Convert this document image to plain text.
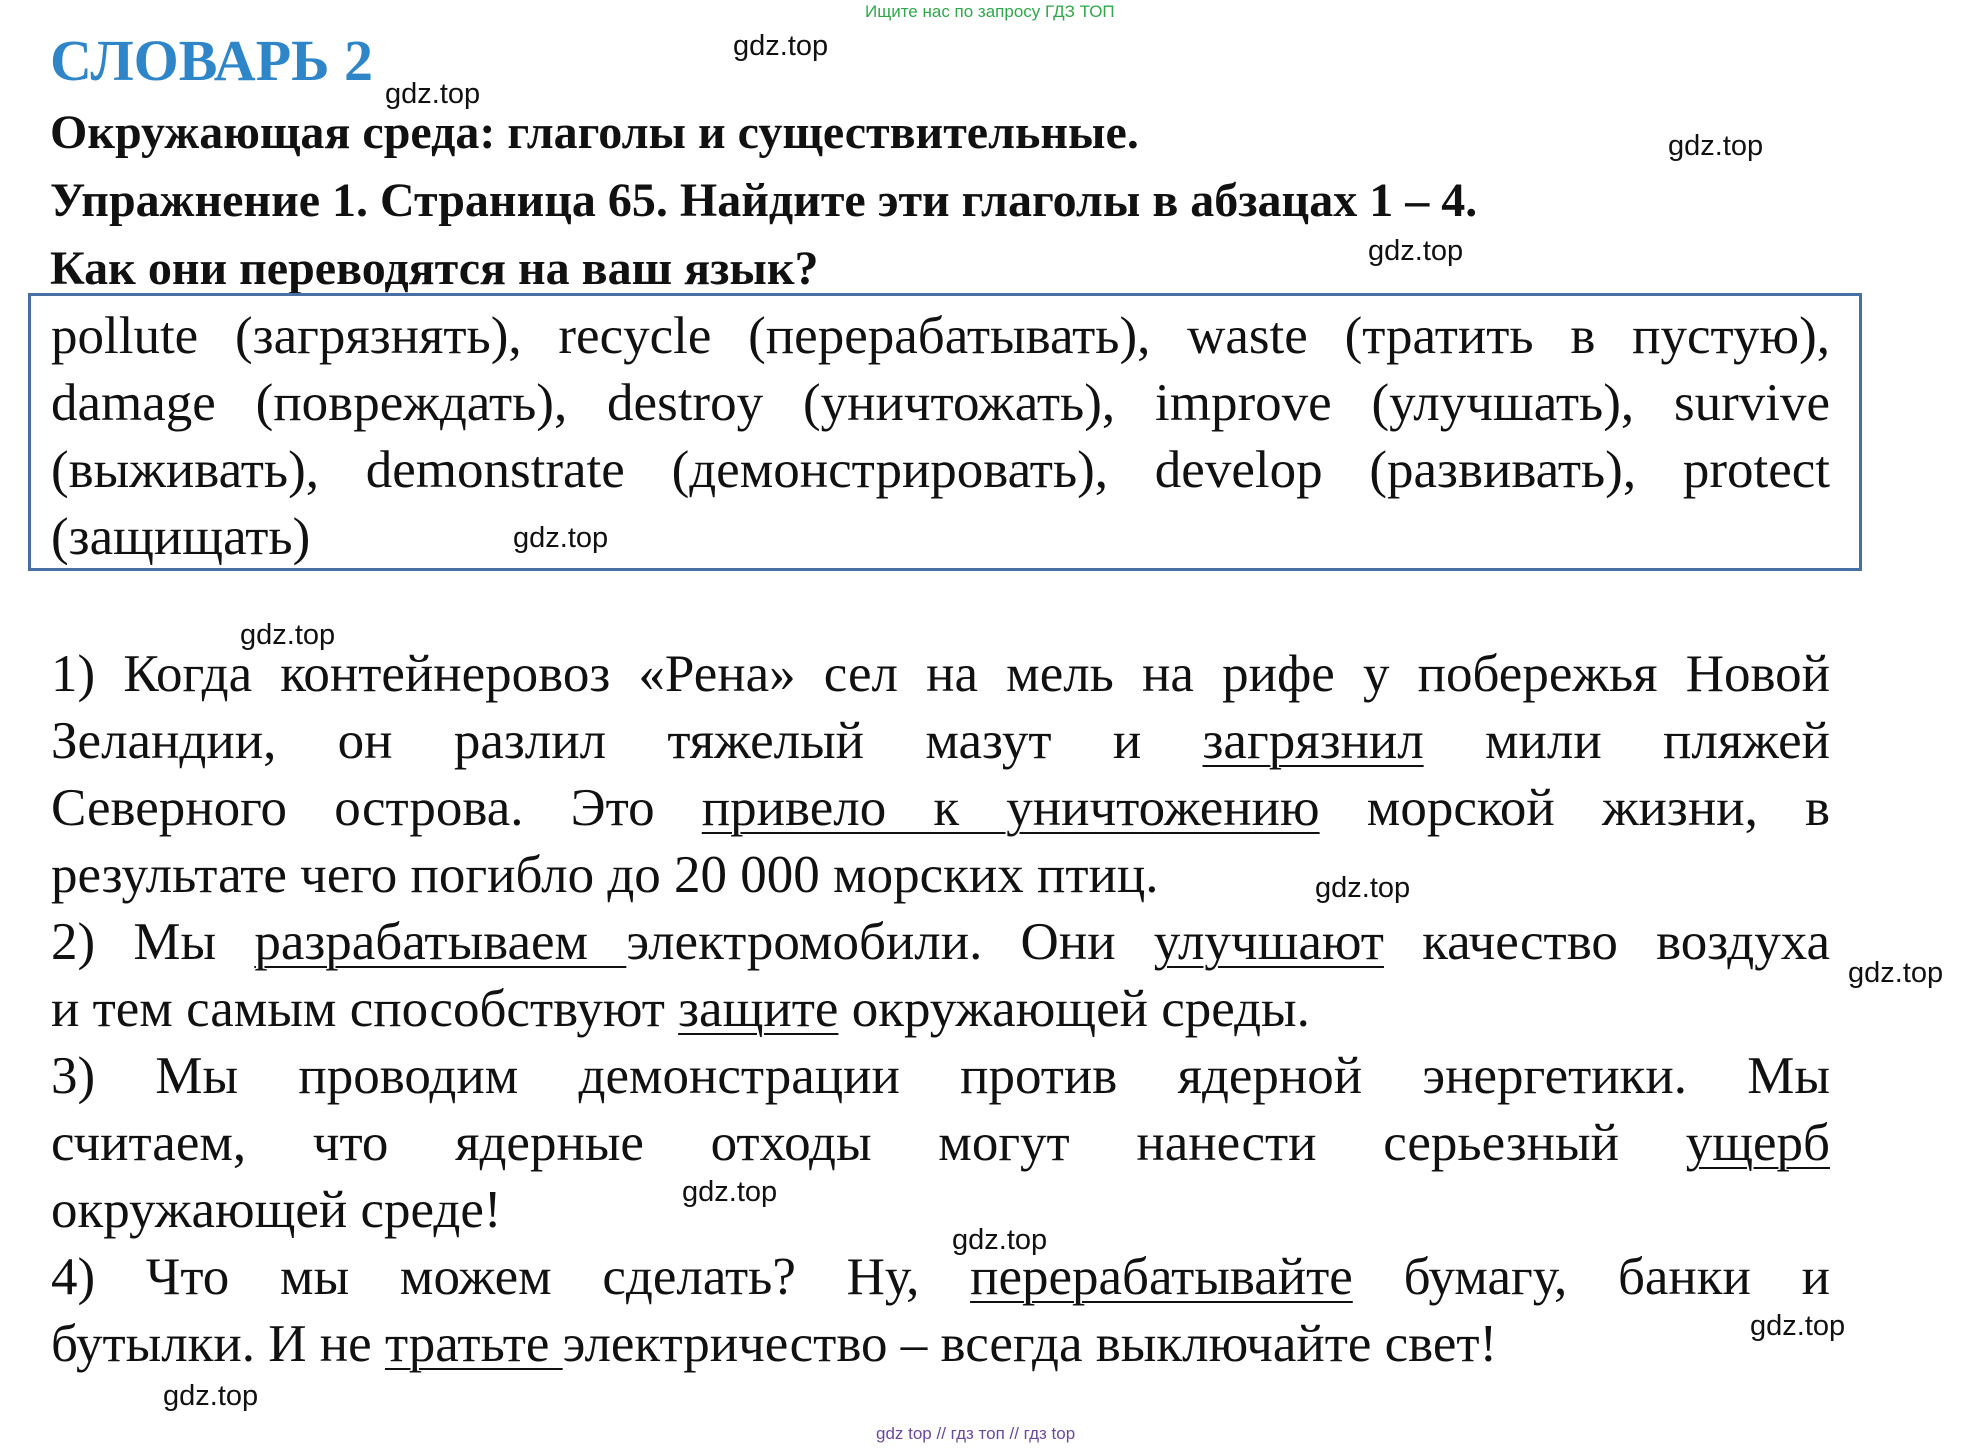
Ищите нас по запросу ГДЗ ТОП
СЛОВАРЬ 2
Окружающая среда: глаголы и существительные.
Упражнение 1. Страница 65. Найдите эти глаголы в абзацах 1 – 4.
Как они переводятся на ваш язык?
pollute (загрязнять), recycle (перерабатывать), waste (тратить в пустую),
damage (повреждать), destroy (уничтожать), improve (улучшать), survive
(выживать), demonstrate (демонстрировать), develop (развивать), protect
(защищать)
1) Когда контейнеровоз «Рена» сел на мель на рифе у побережья Новой
Зеландии, он разлил тяжелый мазут и загрязнил мили пляжей
Северного острова. Это привело к уничтожению морской жизни, в
результате чего погибло до 20 000 морских птиц.
2) Мы разрабатываем электромобили. Они улучшают качество воздуха
и тем самым способствуют защите окружающей среды.
3) Мы проводим демонстрации против ядерной энергетики. Мы
считаем, что ядерные отходы могут нанести серьезный ущерб
окружающей среде!
4) Что мы можем сделать? Ну, перерабатывайте бумагу, банки и
бутылки. И не тратьте электричество – всегда выключайте свет!
gdz.top
gdz.top
gdz.top
gdz.top
gdz.top
gdz.top
gdz.top
gdz.top
gdz.top
gdz.top
gdz.top
gdz.top
gdz top // гдз топ // гдз top
